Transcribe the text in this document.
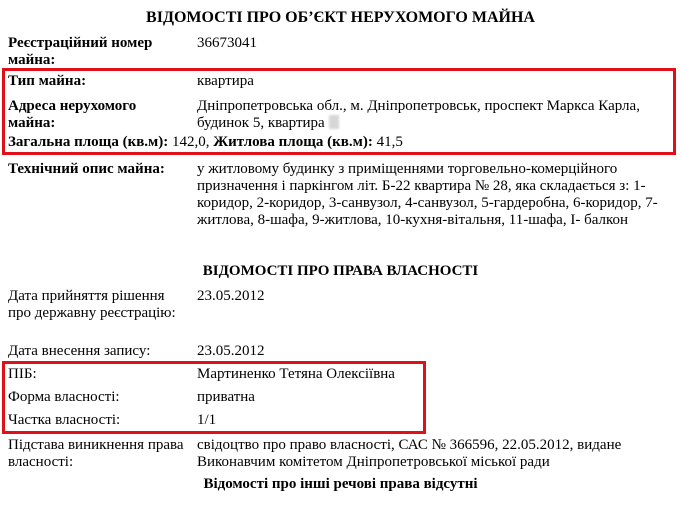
ВІДОМОСТІ ПРО ОБ’ЄКТ НЕРУХОМОГО МАЙНА
Реєстраційний номер майна:
36673041
Тип майна:	квартира
Адреса нерухомого майна:
Дніпропетровська обл., м. Дніпропетровськ, проспект Маркса Карла, будинок 5, квартира
Загальна площа (кв.м): 142,0, Житлова площа (кв.м): 41,5
Технічний опис майна: у житловому будинку з приміщеннями торговельно-комерційного призначення і паркінгом літ. Б-22 квартира № 28, яка складається з: 1-коридор, 2-коридор, 3-санвузол, 4-санвузол, 5-гардеробна, 6-коридор, 7-житлова, 8-шафа, 9-житлова, 10-кухня-вітальня, 11-шафа, І- балкон
ВІДОМОСТІ ПРО ПРАВА ВЛАСНОСТІ
Дата прийняття рішення про державну реєстрацію:
23.05.2012
Дата внесення запису:	23.05.2012
ПІБ:	Мартиненко Тетяна Олексіївна
Форма власності:	приватна
Частка власності:	1/1
Підстава виникнення права власності:
свідоцтво про право власності, САС № 366596, 22.05.2012, видане Виконавчим комітетом Дніпропетровської міської ради
Відомості про інші речові права відсутні
